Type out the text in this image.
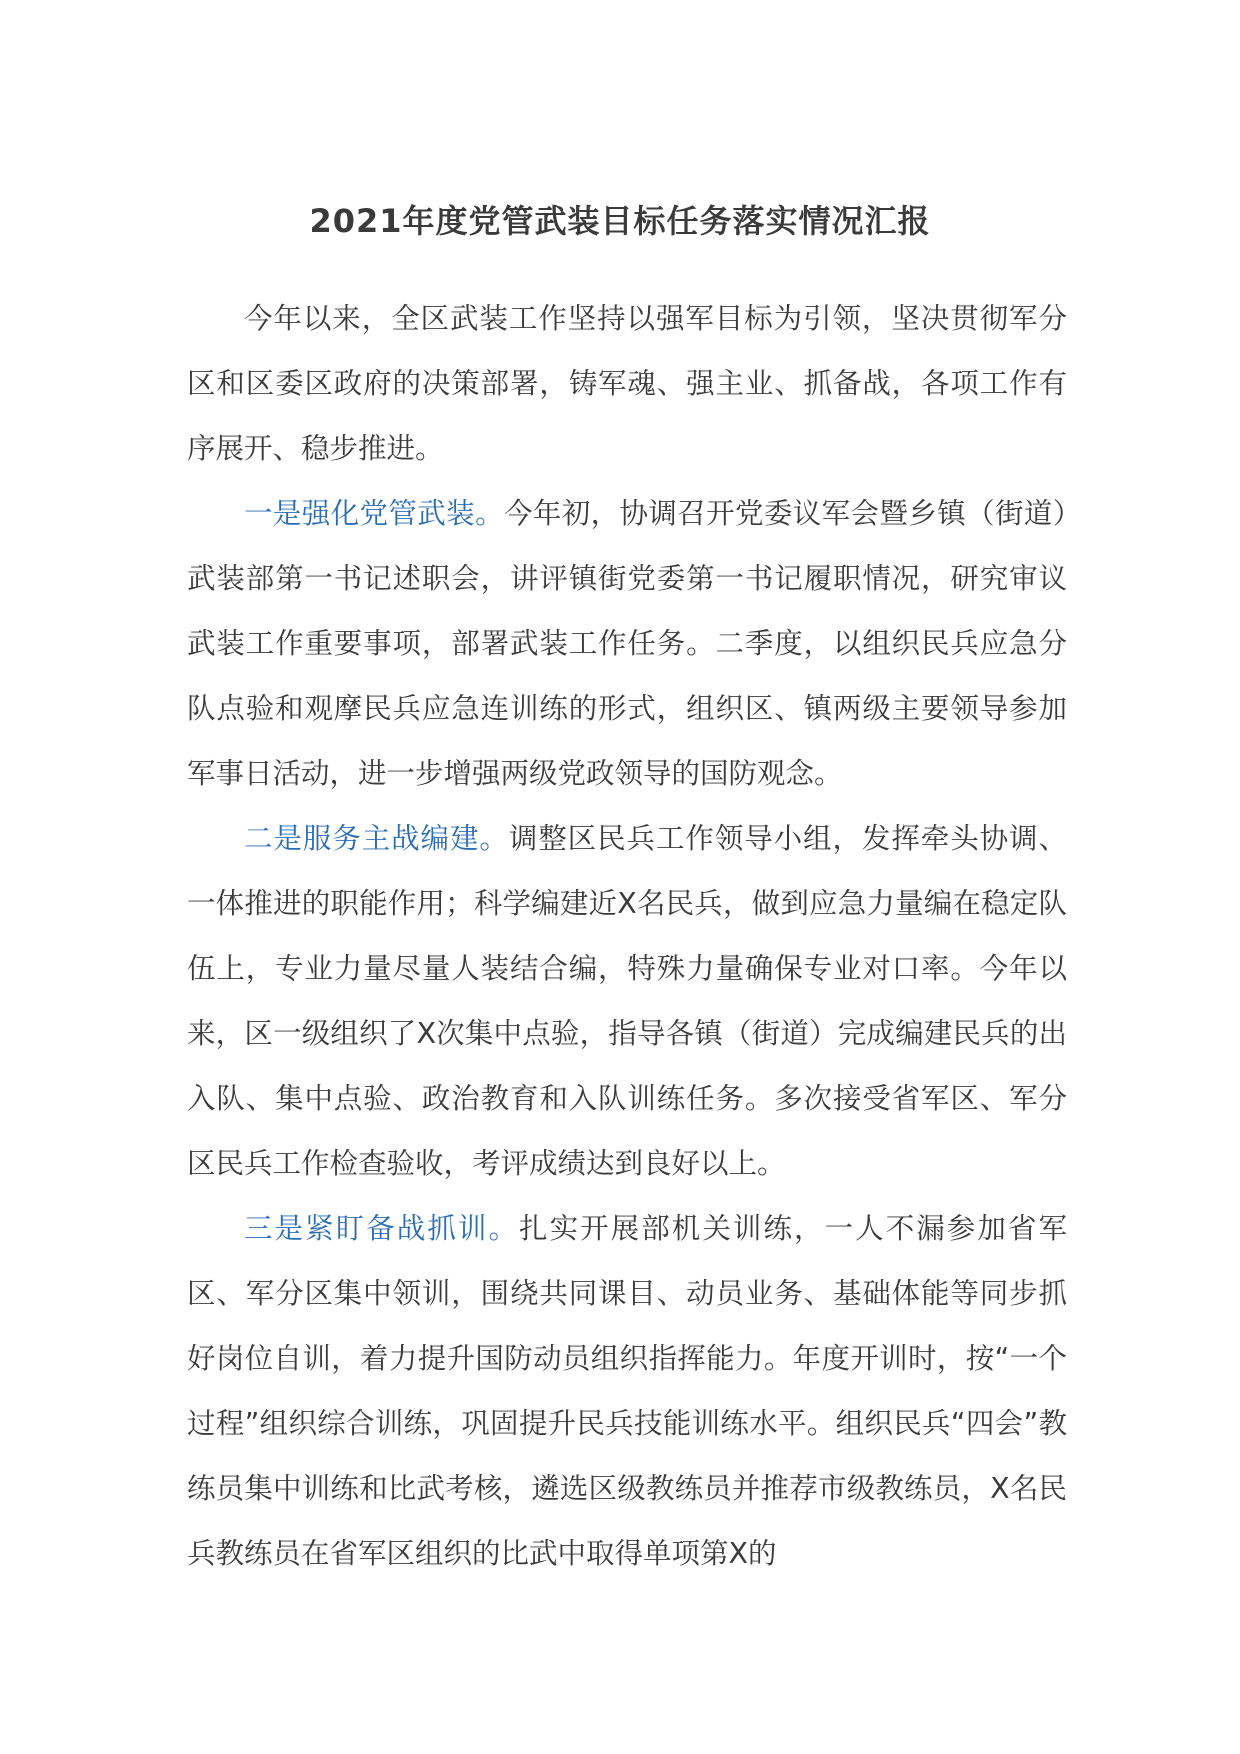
2021年度党管武装目标任务落实情况汇报

今年以来，全区武装工作坚持以强军目标为引领，坚决贯彻军分区和区委区政府的决策部署，铸军魂、强主业、抓备战，各项工作有序展开、稳步推进。

一是强化党管武装。今年初，协调召开党委议军会暨乡镇（街道）武装部第一书记述职会，讲评镇街党委第一书记履职情况，研究审议武装工作重要事项，部署武装工作任务。二季度，以组织民兵应急分队点验和观摩民兵应急连训练的形式，组织区、镇两级主要领导参加军事日活动，进一步增强两级党政领导的国防观念。

二是服务主战编建。调整区民兵工作领导小组，发挥牵头协调、一体推进的职能作用；科学编建近X名民兵，做到应急力量编在稳定队伍上，专业力量尽量人装结合编，特殊力量确保专业对口率。今年以来，区一级组织了X次集中点验，指导各镇（街道）完成编建民兵的出入队、集中点验、政治教育和入队训练任务。多次接受省军区、军分区民兵工作检查验收，考评成绩达到良好以上。

三是紧盯备战抓训。扎实开展部机关训练，一人不漏参加省军区、军分区集中领训，围绕共同课目、动员业务、基础体能等同步抓好岗位自训，着力提升国防动员组织指挥能力。年度开训时，按“一个过程”组织综合训练，巩固提升民兵技能训练水平。组织民兵“四会”教练员集中训练和比武考核，遴选区级教练员并推荐市级教练员，X名民兵教练员在省军区组织的比武中取得单项第X的
